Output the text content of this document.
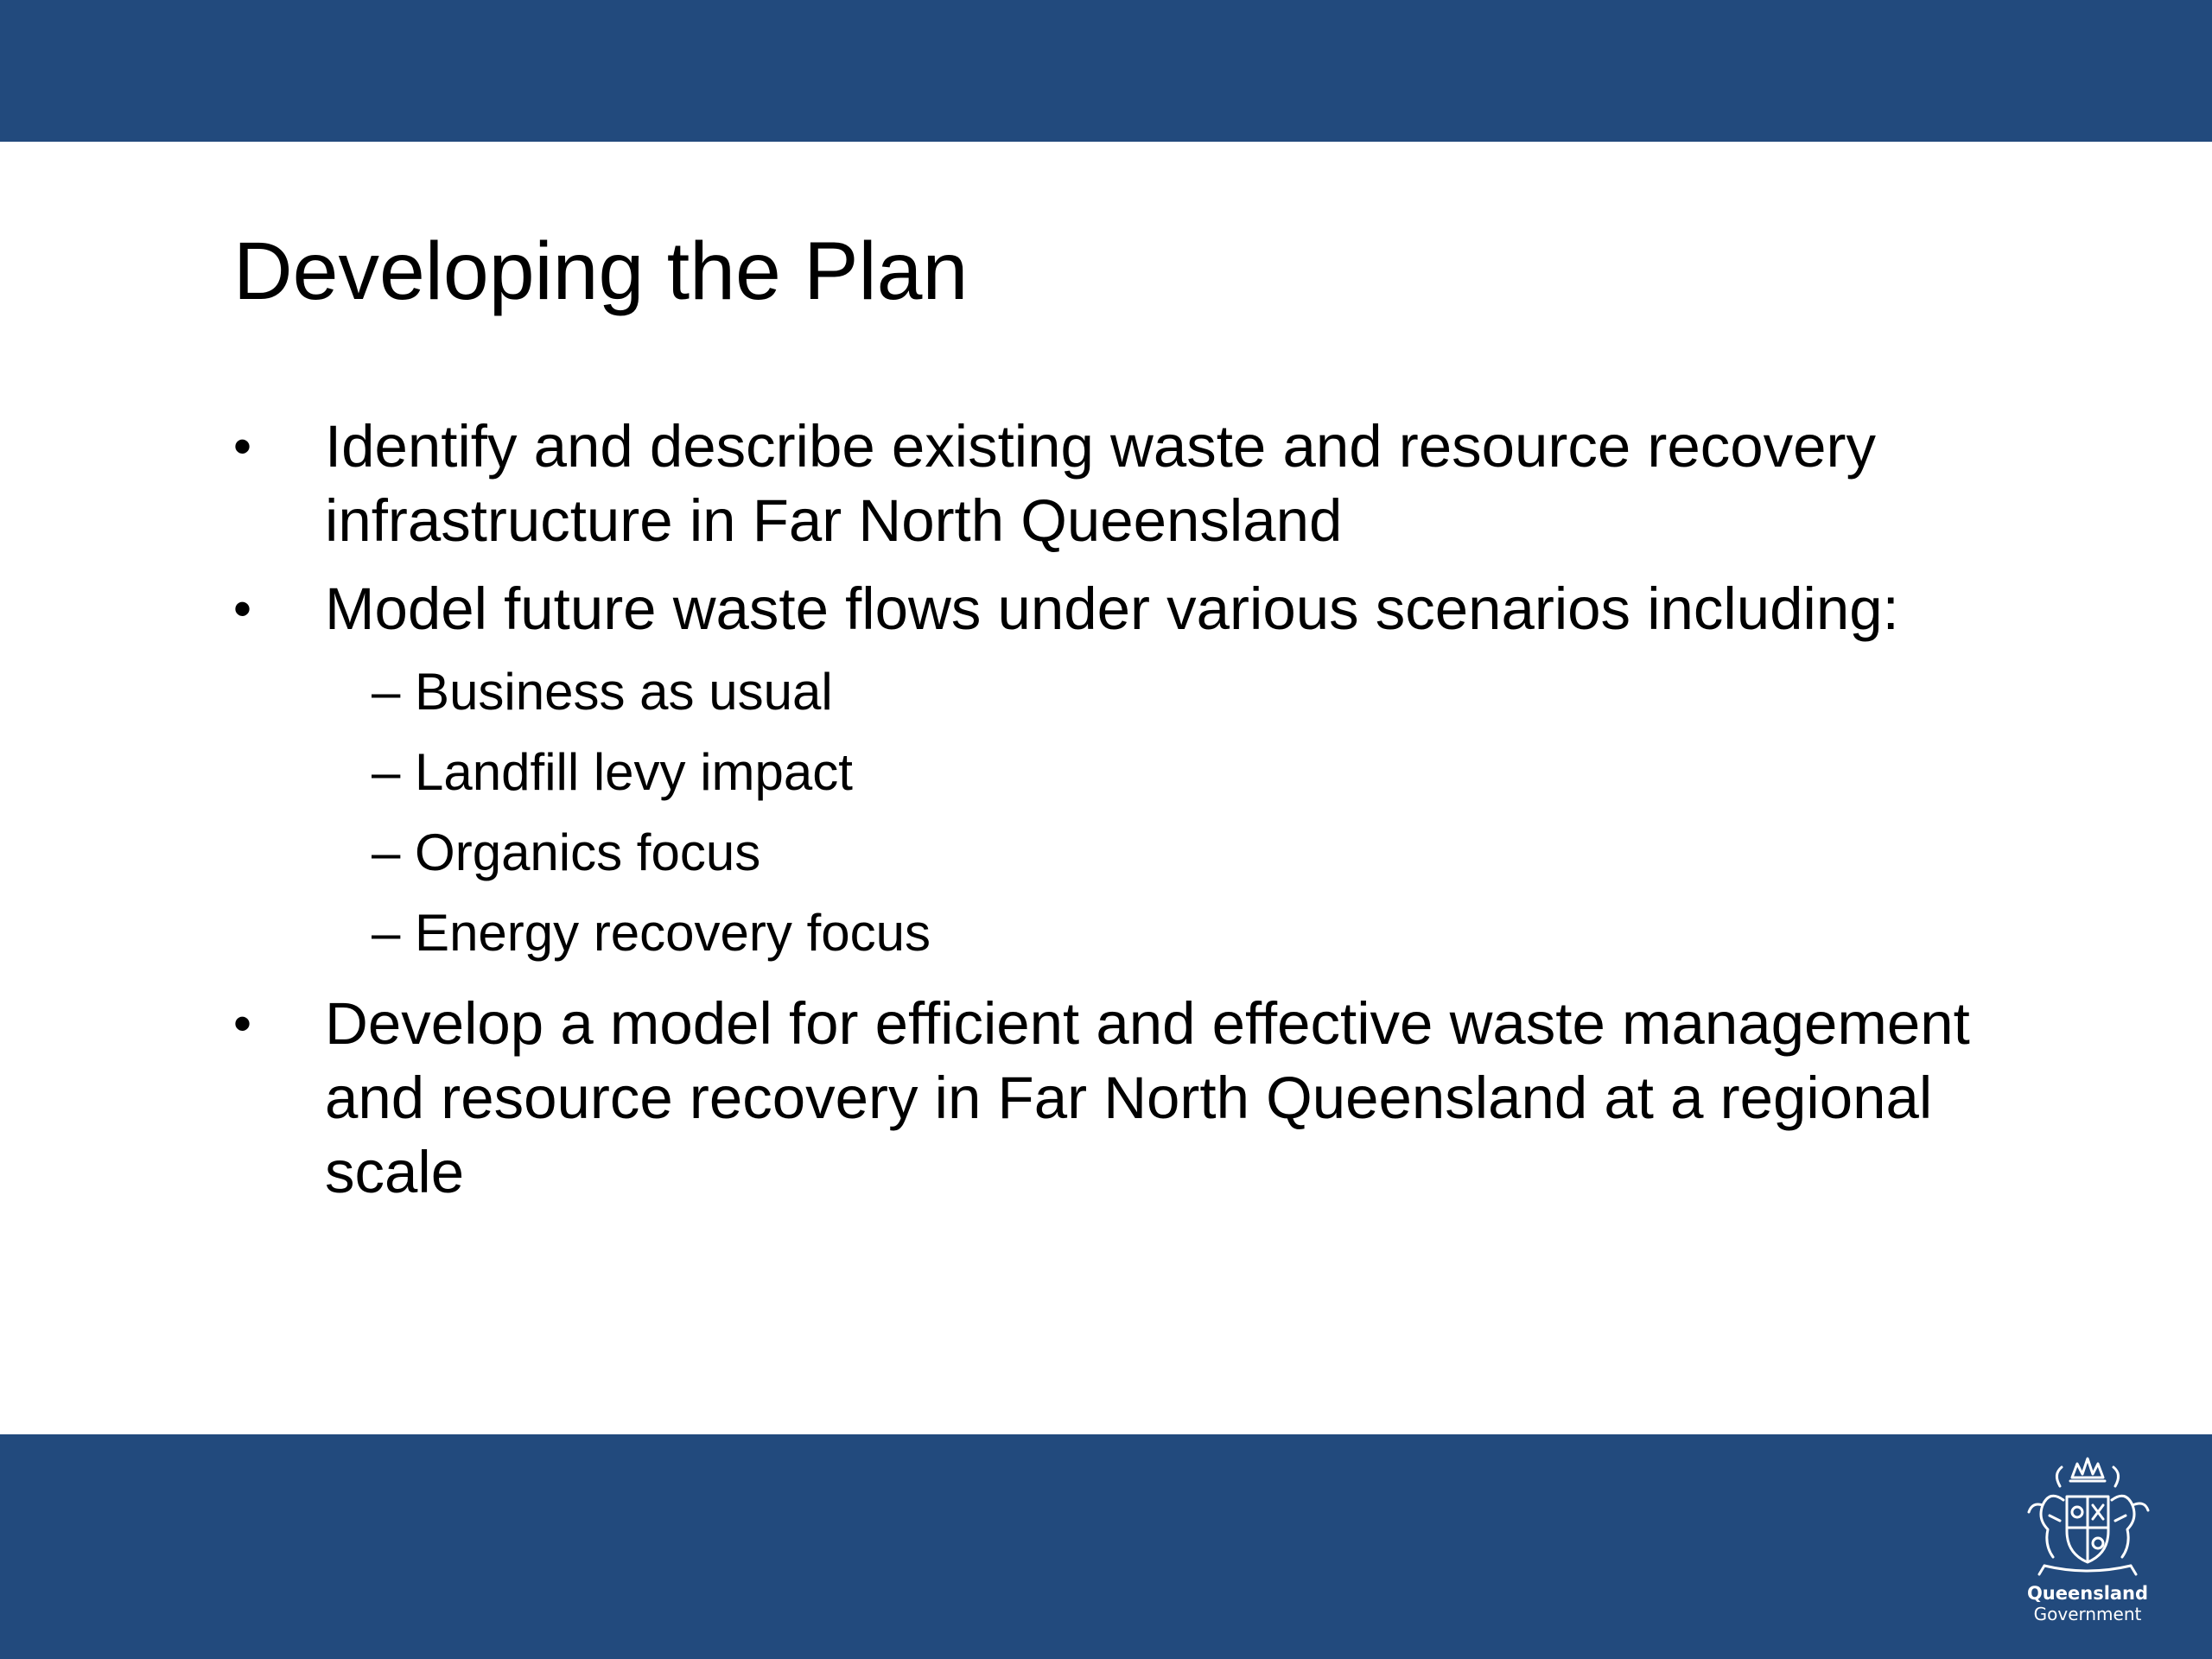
Developing the Plan
• Identify and describe existing waste and resource recovery infrastructure in Far North Queensland
• Model future waste flows under various scenarios including:
– Business as usual
– Landfill levy impact
– Organics focus
– Energy recovery focus
• Develop a model for efficient and effective waste management and resource recovery in Far North Queensland at a regional scale
Queensland
Government
